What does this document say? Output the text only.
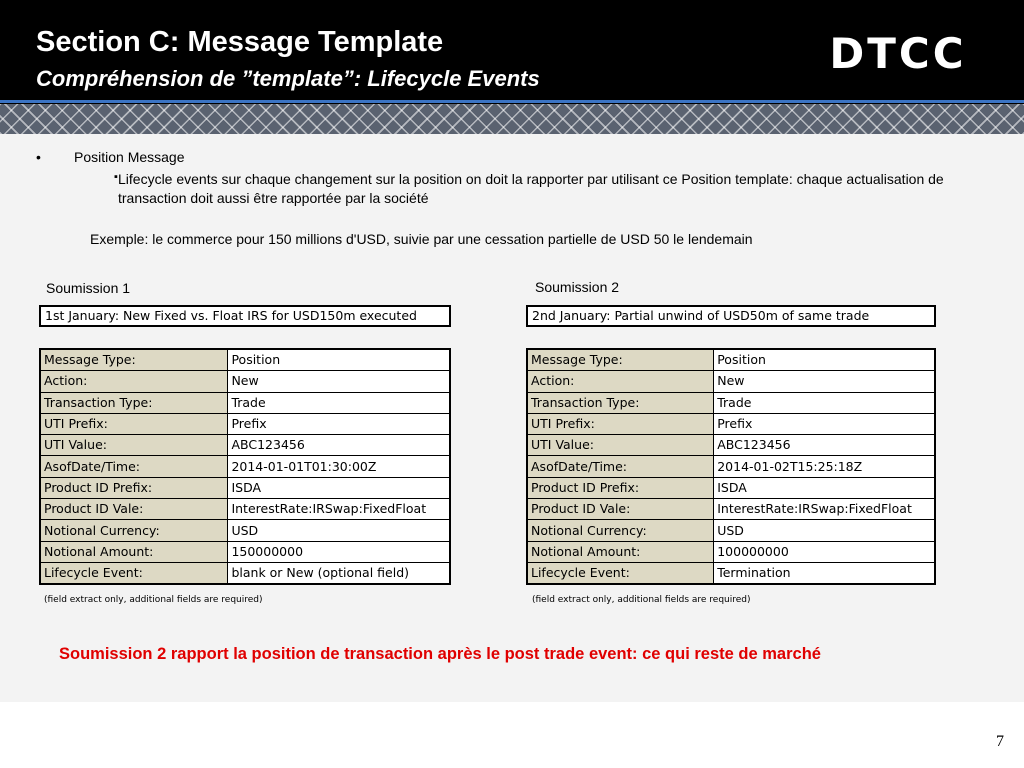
Section C: Message Template
Compréhension de ”template”: Lifecycle Events
DTCC
• Position Message
▪ Lifecycle events sur chaque changement sur la position on doit la rapporter par utilisant ce Position template: chaque actualisation de transaction doit aussi être rapportée par la société
Exemple: le commerce pour 150 millions d'USD, suivie par une cessation partielle de USD 50 le lendemain
Soumission 1
1st January: New Fixed vs. Float IRS for USD150m executed
Message Type:	Position
Action:	New
Transaction Type:	Trade
UTI Prefix:	Prefix
UTI Value:	ABC123456
AsofDate/Time:	2014-01-01T01:30:00Z
Product ID Prefix:	ISDA
Product ID Vale:	InterestRate:IRSwap:FixedFloat
Notional Currency:	USD
Notional Amount:	150000000
Lifecycle Event:	blank or New (optional field)
(field extract only, additional fields are required)
Soumission 2
2nd January: Partial unwind of USD50m of same trade
Message Type:	Position
Action:	New
Transaction Type:	Trade
UTI Prefix:	Prefix
UTI Value:	ABC123456
AsofDate/Time:	2014-01-02T15:25:18Z
Product ID Prefix:	ISDA
Product ID Vale:	InterestRate:IRSwap:FixedFloat
Notional Currency:	USD
Notional Amount:	100000000
Lifecycle Event:	Termination
(field extract only, additional fields are required)
Soumission 2 rapport la position de transaction après le post trade event: ce qui reste de marché
7
